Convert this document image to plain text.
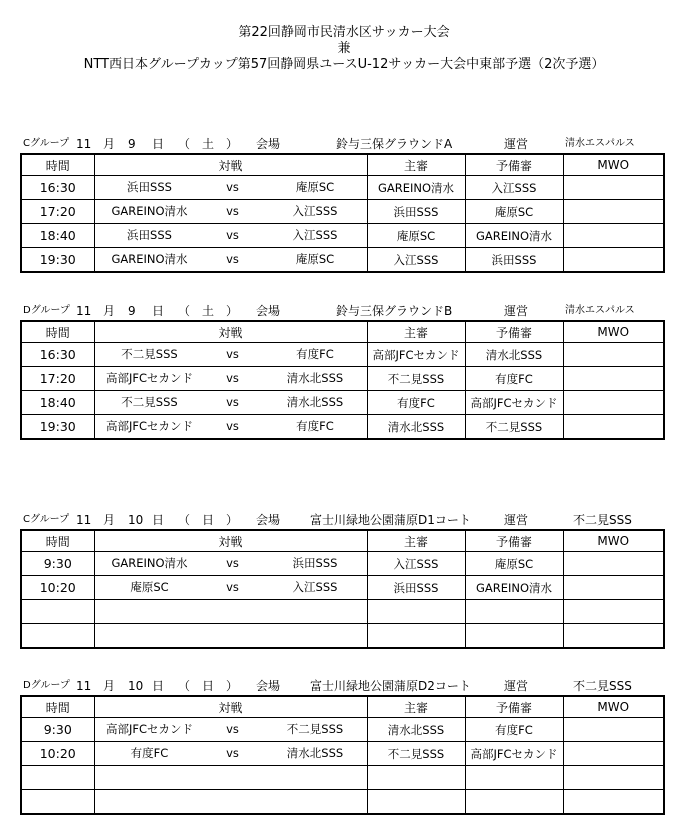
第22回静岡市民清水区サッカー大会
兼
NTT西日本グループカップ第57回静岡県ユースU-12サッカー大会中東部予選（2次予選）
Cグループ 11 月 9 日 （　土　） 会場	鈴与三保グラウンドA	運営	清水エスパルス
時間	対戦	主審	予備審	MWO
16:30	浜田SSS vs 庵原SC	GAREINO清水	入江SSS	
17:20	GAREINO清水 vs 入江SSS	浜田SSS	庵原SC	
18:40	浜田SSS vs 入江SSS	庵原SC	GAREINO清水	
19:30	GAREINO清水 vs 庵原SC	入江SSS	浜田SSS	
Dグループ 11 月 9 日 （　土　） 会場	鈴与三保グラウンドB	運営	清水エスパルス
時間	対戦	主審	予備審	MWO
16:30	不二見SSS vs 有度FC	高部JFCセカンド	清水北SSS	
17:20	高部JFCセカンド vs 清水北SSS	不二見SSS	有度FC	
18:40	不二見SSS vs 清水北SSS	有度FC	高部JFCセカンド	
19:30	高部JFCセカンド vs 有度FC	清水北SSS	不二見SSS	
Cグループ 11 月 10 日 （　日　） 会場 富士川緑地公園蒲原D1コート	運営	不二見SSS
時間	対戦	主審	予備審	MWO
9:30	GAREINO清水 vs 浜田SSS	入江SSS	庵原SC	
10:20	庵原SC vs 入江SSS	浜田SSS	GAREINO清水	

Dグループ 11 月 10 日 （　日　） 会場 富士川緑地公園蒲原D2コート	運営	不二見SSS
時間	対戦	主審	予備審	MWO
9:30	高部JFCセカンド vs 不二見SSS	清水北SSS	有度FC	
10:20	有度FC vs 清水北SSS	不二見SSS	高部JFCセカンド	
